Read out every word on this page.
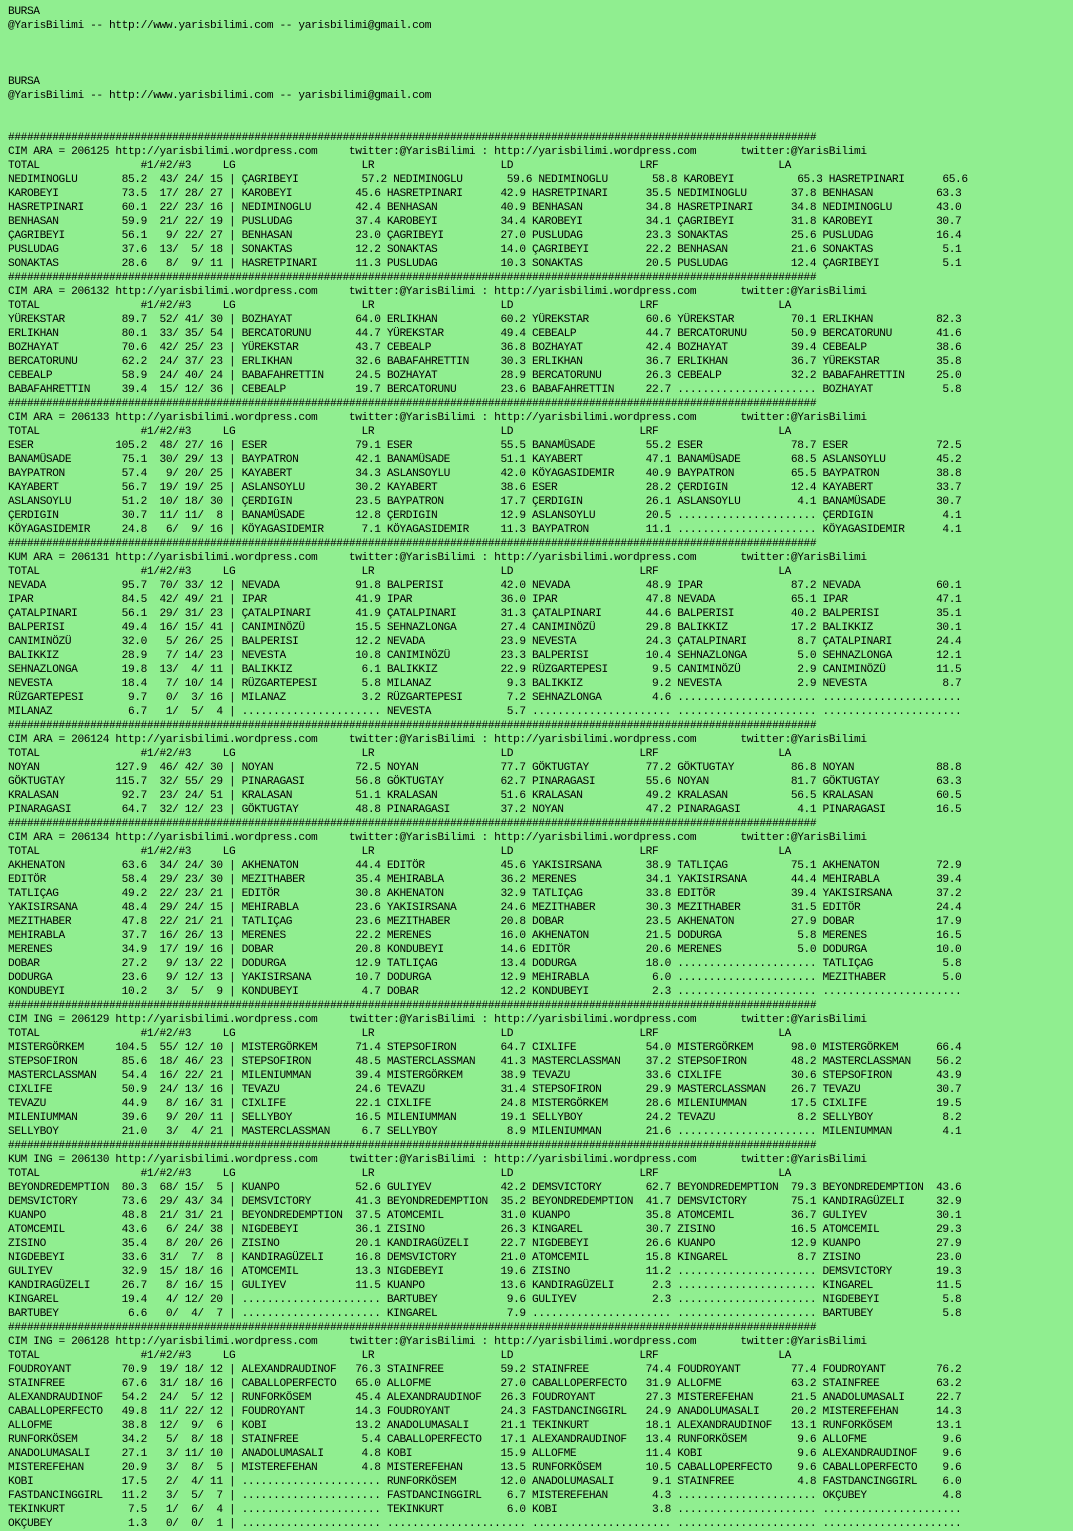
BURSA
@YarisBilimi -- http://www.yarisbilimi.com -- yarisbilimi@gmail.com
BURSA
@YarisBilimi -- http://www.yarisbilimi.com -- yarisbilimi@gmail.com
################################################################################################################################
CIM ARA = 206125 http://yarisbilimi.wordpress.com     twitter:@YarisBilimi : http://yarisbilimi.wordpress.com       twitter:@YarisBilimi
TOTAL                #1/#2/#3     LG                    LR                    LD                    LRF                   LA
NEDIMINOGLU       85.2  43/ 24/ 15 | ÇAGRIBEYI          57.2 NEDIMINOGLU       59.6 NEDIMINOGLU       58.8 KAROBEYI          65.3 HASRETPINARI      65.6
KAROBEYI          73.5  17/ 28/ 27 | KAROBEYI          45.6 HASRETPINARI      42.9 HASRETPINARI      35.5 NEDIMINOGLU       37.8 BENHASAN          63.3
HASRETPINARI      60.1  22/ 23/ 16 | NEDIMINOGLU       42.4 BENHASAN          40.9 BENHASAN          34.8 HASRETPINARI      34.8 NEDIMINOGLU       43.0
BENHASAN          59.9  21/ 22/ 19 | PUSLUDAG          37.4 KAROBEYI          34.4 KAROBEYI          34.1 ÇAGRIBEYI         31.8 KAROBEYI          30.7
ÇAGRIBEYI         56.1   9/ 22/ 27 | BENHASAN          23.0 ÇAGRIBEYI         27.0 PUSLUDAG          23.3 SONAKTAS          25.6 PUSLUDAG          16.4
PUSLUDAG          37.6  13/  5/ 18 | SONAKTAS          12.2 SONAKTAS          14.0 ÇAGRIBEYI         22.2 BENHASAN          21.6 SONAKTAS           5.1
SONAKTAS          28.6   8/  9/ 11 | HASRETPINARI      11.3 PUSLUDAG          10.3 SONAKTAS          20.5 PUSLUDAG          12.4 ÇAGRIBEYI          5.1
################################################################################################################################
CIM ARA = 206132 http://yarisbilimi.wordpress.com     twitter:@YarisBilimi : http://yarisbilimi.wordpress.com       twitter:@YarisBilimi
TOTAL                #1/#2/#3     LG                    LR                    LD                    LRF                   LA
YÜREKSTAR         89.7  52/ 41/ 30 | BOZHAYAT          64.0 ERLIKHAN          60.2 YÜREKSTAR         60.6 YÜREKSTAR         70.1 ERLIKHAN          82.3
ERLIKHAN          80.1  33/ 35/ 54 | BERCATORUNU       44.7 YÜREKSTAR         49.4 CEBEALP           44.7 BERCATORUNU       50.9 BERCATORUNU       41.6
BOZHAYAT          70.6  42/ 25/ 23 | YÜREKSTAR         43.7 CEBEALP           36.8 BOZHAYAT          42.4 BOZHAYAT          39.4 CEBEALP           38.6
BERCATORUNU       62.2  24/ 37/ 23 | ERLIKHAN          32.6 BABAFAHRETTIN     30.3 ERLIKHAN          36.7 ERLIKHAN          36.7 YÜREKSTAR         35.8
CEBEALP           58.9  24/ 40/ 24 | BABAFAHRETTIN     24.5 BOZHAYAT          28.9 BERCATORUNU       26.3 CEBEALP           32.2 BABAFAHRETTIN     25.0
BABAFAHRETTIN     39.4  15/ 12/ 36 | CEBEALP           19.7 BERCATORUNU       23.6 BABAFAHRETTIN     22.7 ...................... BOZHAYAT           5.8
################################################################################################################################
CIM ARA = 206133 http://yarisbilimi.wordpress.com     twitter:@YarisBilimi : http://yarisbilimi.wordpress.com       twitter:@YarisBilimi
TOTAL                #1/#2/#3     LG                    LR                    LD                    LRF                   LA
ESER             105.2  48/ 27/ 16 | ESER              79.1 ESER              55.5 BANAMÜSADE        55.2 ESER              78.7 ESER              72.5
BANAMÜSADE        75.1  30/ 29/ 13 | BAYPATRON         42.1 BANAMÜSADE        51.1 KAYABERT          47.1 BANAMÜSADE        68.5 ASLANSOYLU        45.2
BAYPATRON         57.4   9/ 20/ 25 | KAYABERT          34.3 ASLANSOYLU        42.0 KÖYAGASIDEMIR     40.9 BAYPATRON         65.5 BAYPATRON         38.8
KAYABERT          56.7  19/ 19/ 25 | ASLANSOYLU        30.2 KAYABERT          38.6 ESER              28.2 ÇERDIGIN          12.4 KAYABERT          33.7
ASLANSOYLU        51.2  10/ 18/ 30 | ÇERDIGIN          23.5 BAYPATRON         17.7 ÇERDIGIN          26.1 ASLANSOYLU         4.1 BANAMÜSADE        30.7
ÇERDIGIN          30.7  11/ 11/  8 | BANAMÜSADE        12.8 ÇERDIGIN          12.9 ASLANSOYLU        20.5 ...................... ÇERDIGIN           4.1
KÖYAGASIDEMIR     24.8   6/  9/ 16 | KÖYAGASIDEMIR      7.1 KÖYAGASIDEMIR     11.3 BAYPATRON         11.1 ...................... KÖYAGASIDEMIR      4.1
################################################################################################################################
KUM ARA = 206131 http://yarisbilimi.wordpress.com     twitter:@YarisBilimi : http://yarisbilimi.wordpress.com       twitter:@YarisBilimi
TOTAL                #1/#2/#3     LG                    LR                    LD                    LRF                   LA
NEVADA            95.7  70/ 33/ 12 | NEVADA            91.8 BALPERISI         42.0 NEVADA            48.9 IPAR              87.2 NEVADA            60.1
IPAR              84.5  42/ 49/ 21 | IPAR              41.9 IPAR              36.0 IPAR              47.8 NEVADA            65.1 IPAR              47.1
ÇATALPINARI       56.1  29/ 31/ 23 | ÇATALPINARI       41.9 ÇATALPINARI       31.3 ÇATALPINARI       44.6 BALPERISI         40.2 BALPERISI         35.1
BALPERISI         49.4  16/ 15/ 41 | CANIMINÖZÜ        15.5 SEHNAZLONGA       27.4 CANIMINÖZÜ        29.8 BALIKKIZ          17.2 BALIKKIZ          30.1
CANIMINÖZÜ        32.0   5/ 26/ 25 | BALPERISI         12.2 NEVADA            23.9 NEVESTA           24.3 ÇATALPINARI        8.7 ÇATALPINARI       24.4
BALIKKIZ          28.9   7/ 14/ 23 | NEVESTA           10.8 CANIMINÖZÜ        23.3 BALPERISI         10.4 SEHNAZLONGA        5.0 SEHNAZLONGA       12.1
SEHNAZLONGA       19.8  13/  4/ 11 | BALIKKIZ           6.1 BALIKKIZ          22.9 RÜZGARTEPESI       9.5 CANIMINÖZÜ         2.9 CANIMINÖZÜ        11.5
NEVESTA           18.4   7/ 10/ 14 | RÜZGARTEPESI       5.8 MILANAZ            9.3 BALIKKIZ           9.2 NEVESTA            2.9 NEVESTA            8.7
RÜZGARTEPESI       9.7   0/  3/ 16 | MILANAZ            3.2 RÜZGARTEPESI       7.2 SEHNAZLONGA        4.6 ...................... ......................
MILANAZ            6.7   1/  5/  4 | ...................... NEVESTA            5.7 ...................... ...................... ......................
################################################################################################################################
CIM ARA = 206124 http://yarisbilimi.wordpress.com     twitter:@YarisBilimi : http://yarisbilimi.wordpress.com       twitter:@YarisBilimi
TOTAL                #1/#2/#3     LG                    LR                    LD                    LRF                   LA
NOYAN            127.9  46/ 42/ 30 | NOYAN             72.5 NOYAN             77.7 GÖKTUGTAY         77.2 GÖKTUGTAY         86.8 NOYAN             88.8
GÖKTUGTAY        115.7  32/ 55/ 29 | PINARAGASI        56.8 GÖKTUGTAY         62.7 PINARAGASI        55.6 NOYAN             81.7 GÖKTUGTAY         63.3
KRALASAN          92.7  23/ 24/ 51 | KRALASAN          51.1 KRALASAN          51.6 KRALASAN          49.2 KRALASAN          56.5 KRALASAN          60.5
PINARAGASI        64.7  32/ 12/ 23 | GÖKTUGTAY         48.8 PINARAGASI        37.2 NOYAN             47.2 PINARAGASI         4.1 PINARAGASI        16.5
################################################################################################################################
CIM ARA = 206134 http://yarisbilimi.wordpress.com     twitter:@YarisBilimi : http://yarisbilimi.wordpress.com       twitter:@YarisBilimi
TOTAL                #1/#2/#3     LG                    LR                    LD                    LRF                   LA
AKHENATON         63.6  34/ 24/ 30 | AKHENATON         44.4 EDITÖR            45.6 YAKISIRSANA       38.9 TATLIÇAG          75.1 AKHENATON         72.9
EDITÖR            58.4  29/ 23/ 30 | MEZITHABER        35.4 MEHIRABLA         36.2 MERENES           34.1 YAKISIRSANA       44.4 MEHIRABLA         39.4
TATLIÇAG          49.2  22/ 23/ 21 | EDITÖR            30.8 AKHENATON         32.9 TATLIÇAG          33.8 EDITÖR            39.4 YAKISIRSANA       37.2
YAKISIRSANA       48.4  29/ 24/ 15 | MEHIRABLA         23.6 YAKISIRSANA       24.6 MEZITHABER        30.3 MEZITHABER        31.5 EDITÖR            24.4
MEZITHABER        47.8  22/ 21/ 21 | TATLIÇAG          23.6 MEZITHABER        20.8 DOBAR             23.5 AKHENATON         27.9 DOBAR             17.9
MEHIRABLA         37.7  16/ 26/ 13 | MERENES           22.2 MERENES           16.0 AKHENATON         21.5 DODURGA            5.8 MERENES           16.5
MERENES           34.9  17/ 19/ 16 | DOBAR             20.8 KONDUBEYI         14.6 EDITÖR            20.6 MERENES            5.0 DODURGA           10.0
DOBAR             27.2   9/ 13/ 22 | DODURGA           12.9 TATLIÇAG          13.4 DODURGA           18.0 ...................... TATLIÇAG           5.8
DODURGA           23.6   9/ 12/ 13 | YAKISIRSANA       10.7 DODURGA           12.9 MEHIRABLA          6.0 ...................... MEZITHABER         5.0
KONDUBEYI         10.2   3/  5/  9 | KONDUBEYI          4.7 DOBAR             12.2 KONDUBEYI          2.3 ...................... ......................
################################################################################################################################
CIM ING = 206129 http://yarisbilimi.wordpress.com     twitter:@YarisBilimi : http://yarisbilimi.wordpress.com       twitter:@YarisBilimi
TOTAL                #1/#2/#3     LG                    LR                    LD                    LRF                   LA
MISTERGÖRKEM     104.5  55/ 12/ 10 | MISTERGÖRKEM      71.4 STEPSOFIRON       64.7 CIXLIFE           54.0 MISTERGÖRKEM      98.0 MISTERGÖRKEM      66.4
STEPSOFIRON       85.6  18/ 46/ 23 | STEPSOFIRON       48.5 MASTERCLASSMAN    41.3 MASTERCLASSMAN    37.2 STEPSOFIRON       48.2 MASTERCLASSMAN    56.2
MASTERCLASSMAN    54.4  16/ 22/ 21 | MILENIUMMAN       39.4 MISTERGÖRKEM      38.9 TEVAZU            33.6 CIXLIFE           30.6 STEPSOFIRON       43.9
CIXLIFE           50.9  24/ 13/ 16 | TEVAZU            24.6 TEVAZU            31.4 STEPSOFIRON       29.9 MASTERCLASSMAN    26.7 TEVAZU            30.7
TEVAZU            44.9   8/ 16/ 31 | CIXLIFE           22.1 CIXLIFE           24.8 MISTERGÖRKEM      28.6 MILENIUMMAN       17.5 CIXLIFE           19.5
MILENIUMMAN       39.6   9/ 20/ 11 | SELLYBOY          16.5 MILENIUMMAN       19.1 SELLYBOY          24.2 TEVAZU             8.2 SELLYBOY           8.2
SELLYBOY          21.0   3/  4/ 21 | MASTERCLASSMAN     6.7 SELLYBOY           8.9 MILENIUMMAN       21.6 ...................... MILENIUMMAN        4.1
################################################################################################################################
KUM ING = 206130 http://yarisbilimi.wordpress.com     twitter:@YarisBilimi : http://yarisbilimi.wordpress.com       twitter:@YarisBilimi
TOTAL                #1/#2/#3     LG                    LR                    LD                    LRF                   LA
BEYONDREDEMPTION  80.3  68/ 15/  5 | KUANPO            52.6 GULIYEV           42.2 DEMSVICTORY       62.7 BEYONDREDEMPTION  79.3 BEYONDREDEMPTION  43.6
DEMSVICTORY       73.6  29/ 43/ 34 | DEMSVICTORY       41.3 BEYONDREDEMPTION  35.2 BEYONDREDEMPTION  41.7 DEMSVICTORY       75.1 KANDIRAGÜZELI     32.9
KUANPO            48.8  21/ 31/ 21 | BEYONDREDEMPTION  37.5 ATOMCEMIL         31.0 KUANPO            35.8 ATOMCEMIL         36.7 GULIYEV           30.1
ATOMCEMIL         43.6   6/ 24/ 38 | NIGDEBEYI         36.1 ZISINO            26.3 KINGAREL          30.7 ZISINO            16.5 ATOMCEMIL         29.3
ZISINO            35.4   8/ 20/ 26 | ZISINO            20.1 KANDIRAGÜZELI     22.7 NIGDEBEYI         26.6 KUANPO            12.9 KUANPO            27.9
NIGDEBEYI         33.6  31/  7/  8 | KANDIRAGÜZELI     16.8 DEMSVICTORY       21.0 ATOMCEMIL         15.8 KINGAREL           8.7 ZISINO            23.0
GULIYEV           32.9  15/ 18/ 16 | ATOMCEMIL         13.3 NIGDEBEYI         19.6 ZISINO            11.2 ...................... DEMSVICTORY       19.3
KANDIRAGÜZELI     26.7   8/ 16/ 15 | GULIYEV           11.5 KUANPO            13.6 KANDIRAGÜZELI      2.3 ...................... KINGAREL          11.5
KINGAREL          19.4   4/ 12/ 20 | ...................... BARTUBEY           9.6 GULIYEV            2.3 ...................... NIGDEBEYI          5.8
BARTUBEY           6.6   0/  4/  7 | ...................... KINGAREL           7.9 ...................... ...................... BARTUBEY           5.8
################################################################################################################################
CIM ING = 206128 http://yarisbilimi.wordpress.com     twitter:@YarisBilimi : http://yarisbilimi.wordpress.com       twitter:@YarisBilimi
TOTAL                #1/#2/#3     LG                    LR                    LD                    LRF                   LA
FOUDROYANT        70.9  19/ 18/ 12 | ALEXANDRAUDINOF   76.3 STAINFREE         59.2 STAINFREE         74.4 FOUDROYANT        77.4 FOUDROYANT        76.2
STAINFREE         67.6  31/ 18/ 16 | CABALLOPERFECTO   65.0 ALLOFME           27.0 CABALLOPERFECTO   31.9 ALLOFME           63.2 STAINFREE         63.2
ALEXANDRAUDINOF   54.2  24/  5/ 12 | RUNFORKÖSEM       45.4 ALEXANDRAUDINOF   26.3 FOUDROYANT        27.3 MISTEREFEHAN      21.5 ANADOLUMASALI     22.7
CABALLOPERFECTO   49.8  11/ 22/ 12 | FOUDROYANT        14.3 FOUDROYANT        24.3 FASTDANCINGGIRL   24.9 ANADOLUMASALI     20.2 MISTEREFEHAN      14.3
ALLOFME           38.8  12/  9/  6 | KOBI              13.2 ANADOLUMASALI     21.1 TEKINKURT         18.1 ALEXANDRAUDINOF   13.1 RUNFORKÖSEM       13.1
RUNFORKÖSEM       34.2   5/  8/ 18 | STAINFREE          5.4 CABALLOPERFECTO   17.1 ALEXANDRAUDINOF   13.4 RUNFORKÖSEM        9.6 ALLOFME            9.6
ANADOLUMASALI     27.1   3/ 11/ 10 | ANADOLUMASALI      4.8 KOBI              15.9 ALLOFME           11.4 KOBI               9.6 ALEXANDRAUDINOF    9.6
MISTEREFEHAN      20.9   3/  8/  5 | MISTEREFEHAN       4.8 MISTEREFEHAN      13.5 RUNFORKÖSEM       10.5 CABALLOPERFECTO    9.6 CABALLOPERFECTO    9.6
KOBI              17.5   2/  4/ 11 | ...................... RUNFORKÖSEM       12.0 ANADOLUMASALI      9.1 STAINFREE          4.8 FASTDANCINGGIRL    6.0
FASTDANCINGGIRL   11.2   3/  5/  7 | ...................... FASTDANCINGGIRL    6.7 MISTEREFEHAN       4.3 ...................... OKÇUBEY            4.8
TEKINKURT          7.5   1/  6/  4 | ...................... TEKINKURT          6.0 KOBI               3.8 ...................... ......................
OKÇUBEY            1.3   0/  0/  1 | ...................... ...................... ...................... ...................... ......................
